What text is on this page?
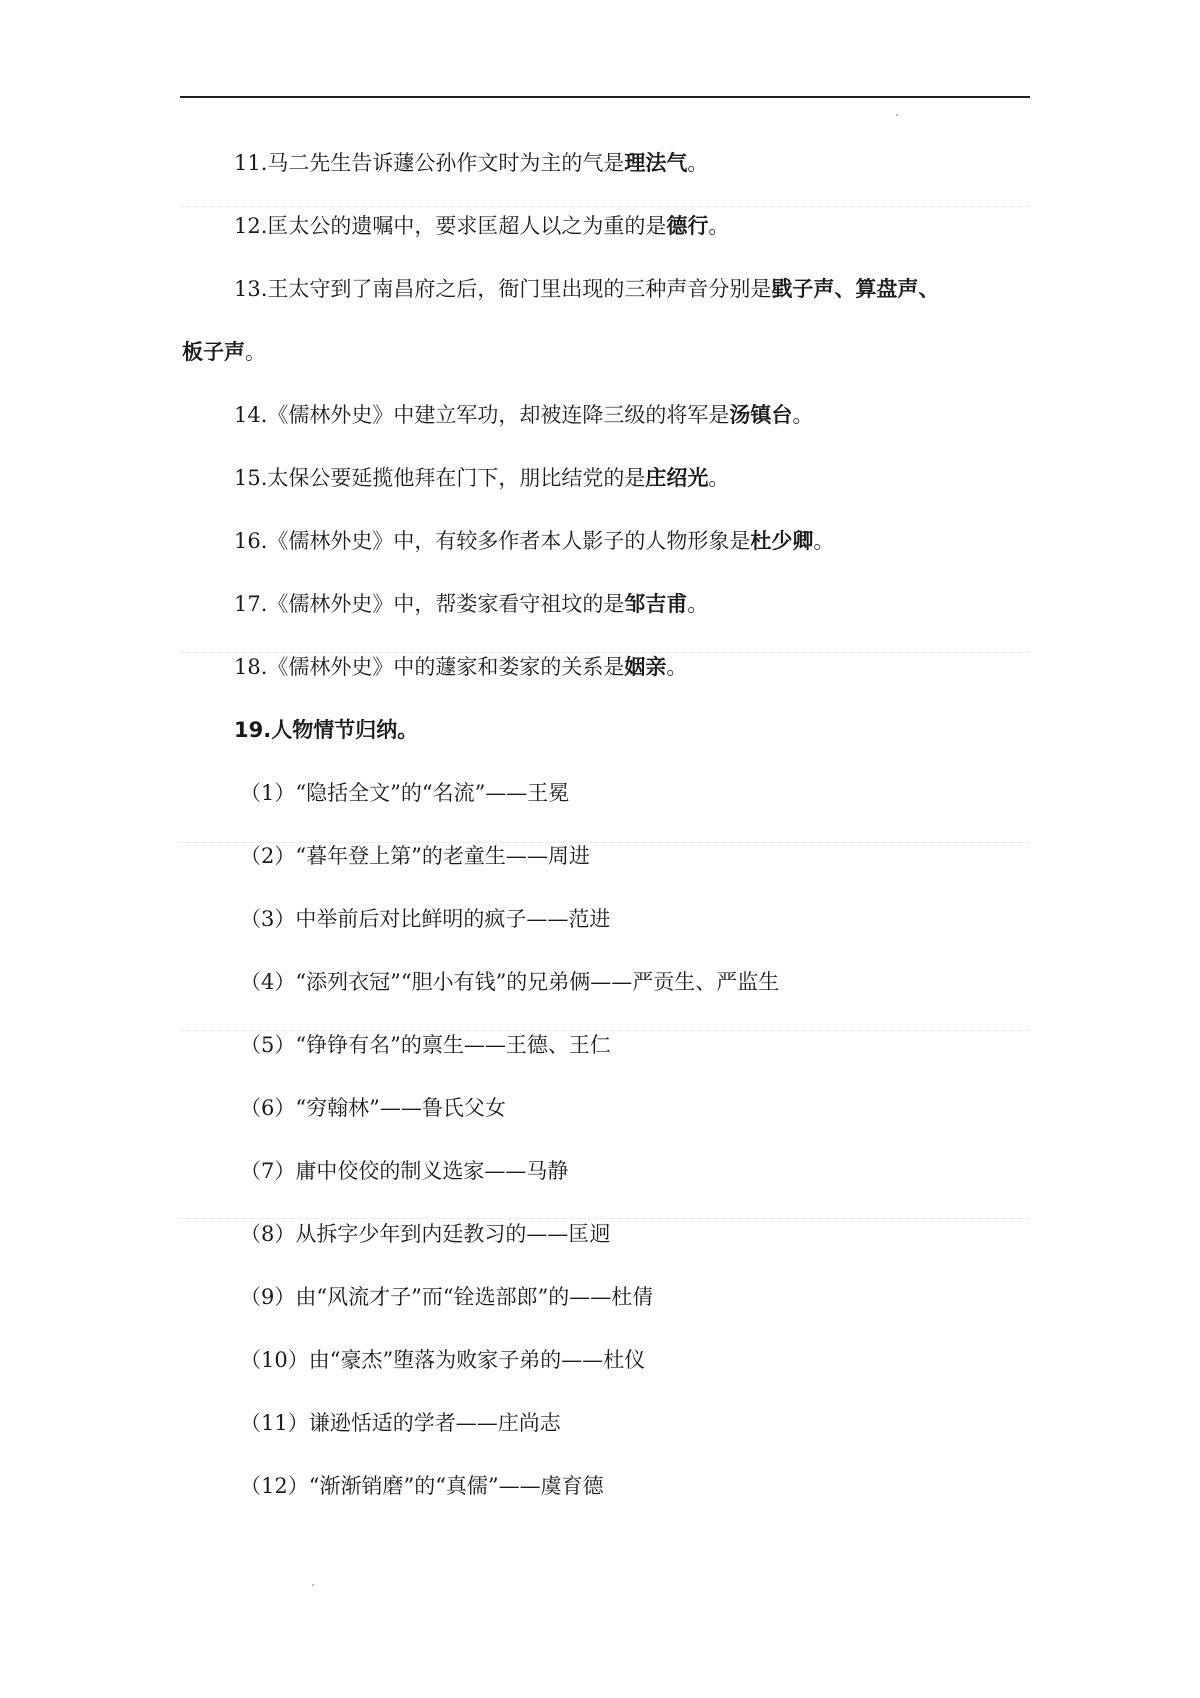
11.马二先生告诉蘧公孙作文时为主的气是理法气。
12.匡太公的遗嘱中，要求匡超人以之为重的是德行。
13.王太守到了南昌府之后，衙门里出现的三种声音分别是戥子声、算盘声、
板子声。
14.《儒林外史》中建立军功，却被连降三级的将军是汤镇台。
15.太保公要延揽他拜在门下，朋比结党的是庄绍光。
16.《儒林外史》中，有较多作者本人影子的人物形象是杜少卿。
17.《儒林外史》中，帮娄家看守祖坟的是邹吉甫。
18.《儒林外史》中的蘧家和娄家的关系是姻亲。
19.人物情节归纳。
（1）“隐括全文”的“名流”——王冕
（2）“暮年登上第”的老童生——周进
（3）中举前后对比鲜明的疯子——范进
（4）“添列衣冠”“胆小有钱”的兄弟俩——严贡生、严监生
（5）“铮铮有名”的禀生——王德、王仁
（6）“穷翰林”——鲁氏父女
（7）庸中佼佼的制义选家——马静
（8）从拆字少年到内廷教习的——匡迥
（9）由“风流才子”而“铨选部郎”的——杜倩
（10）由“豪杰”堕落为败家子弟的——杜仪
（11）谦逊恬适的学者——庄尚志
（12）“渐渐销磨”的“真儒”——虞育德
